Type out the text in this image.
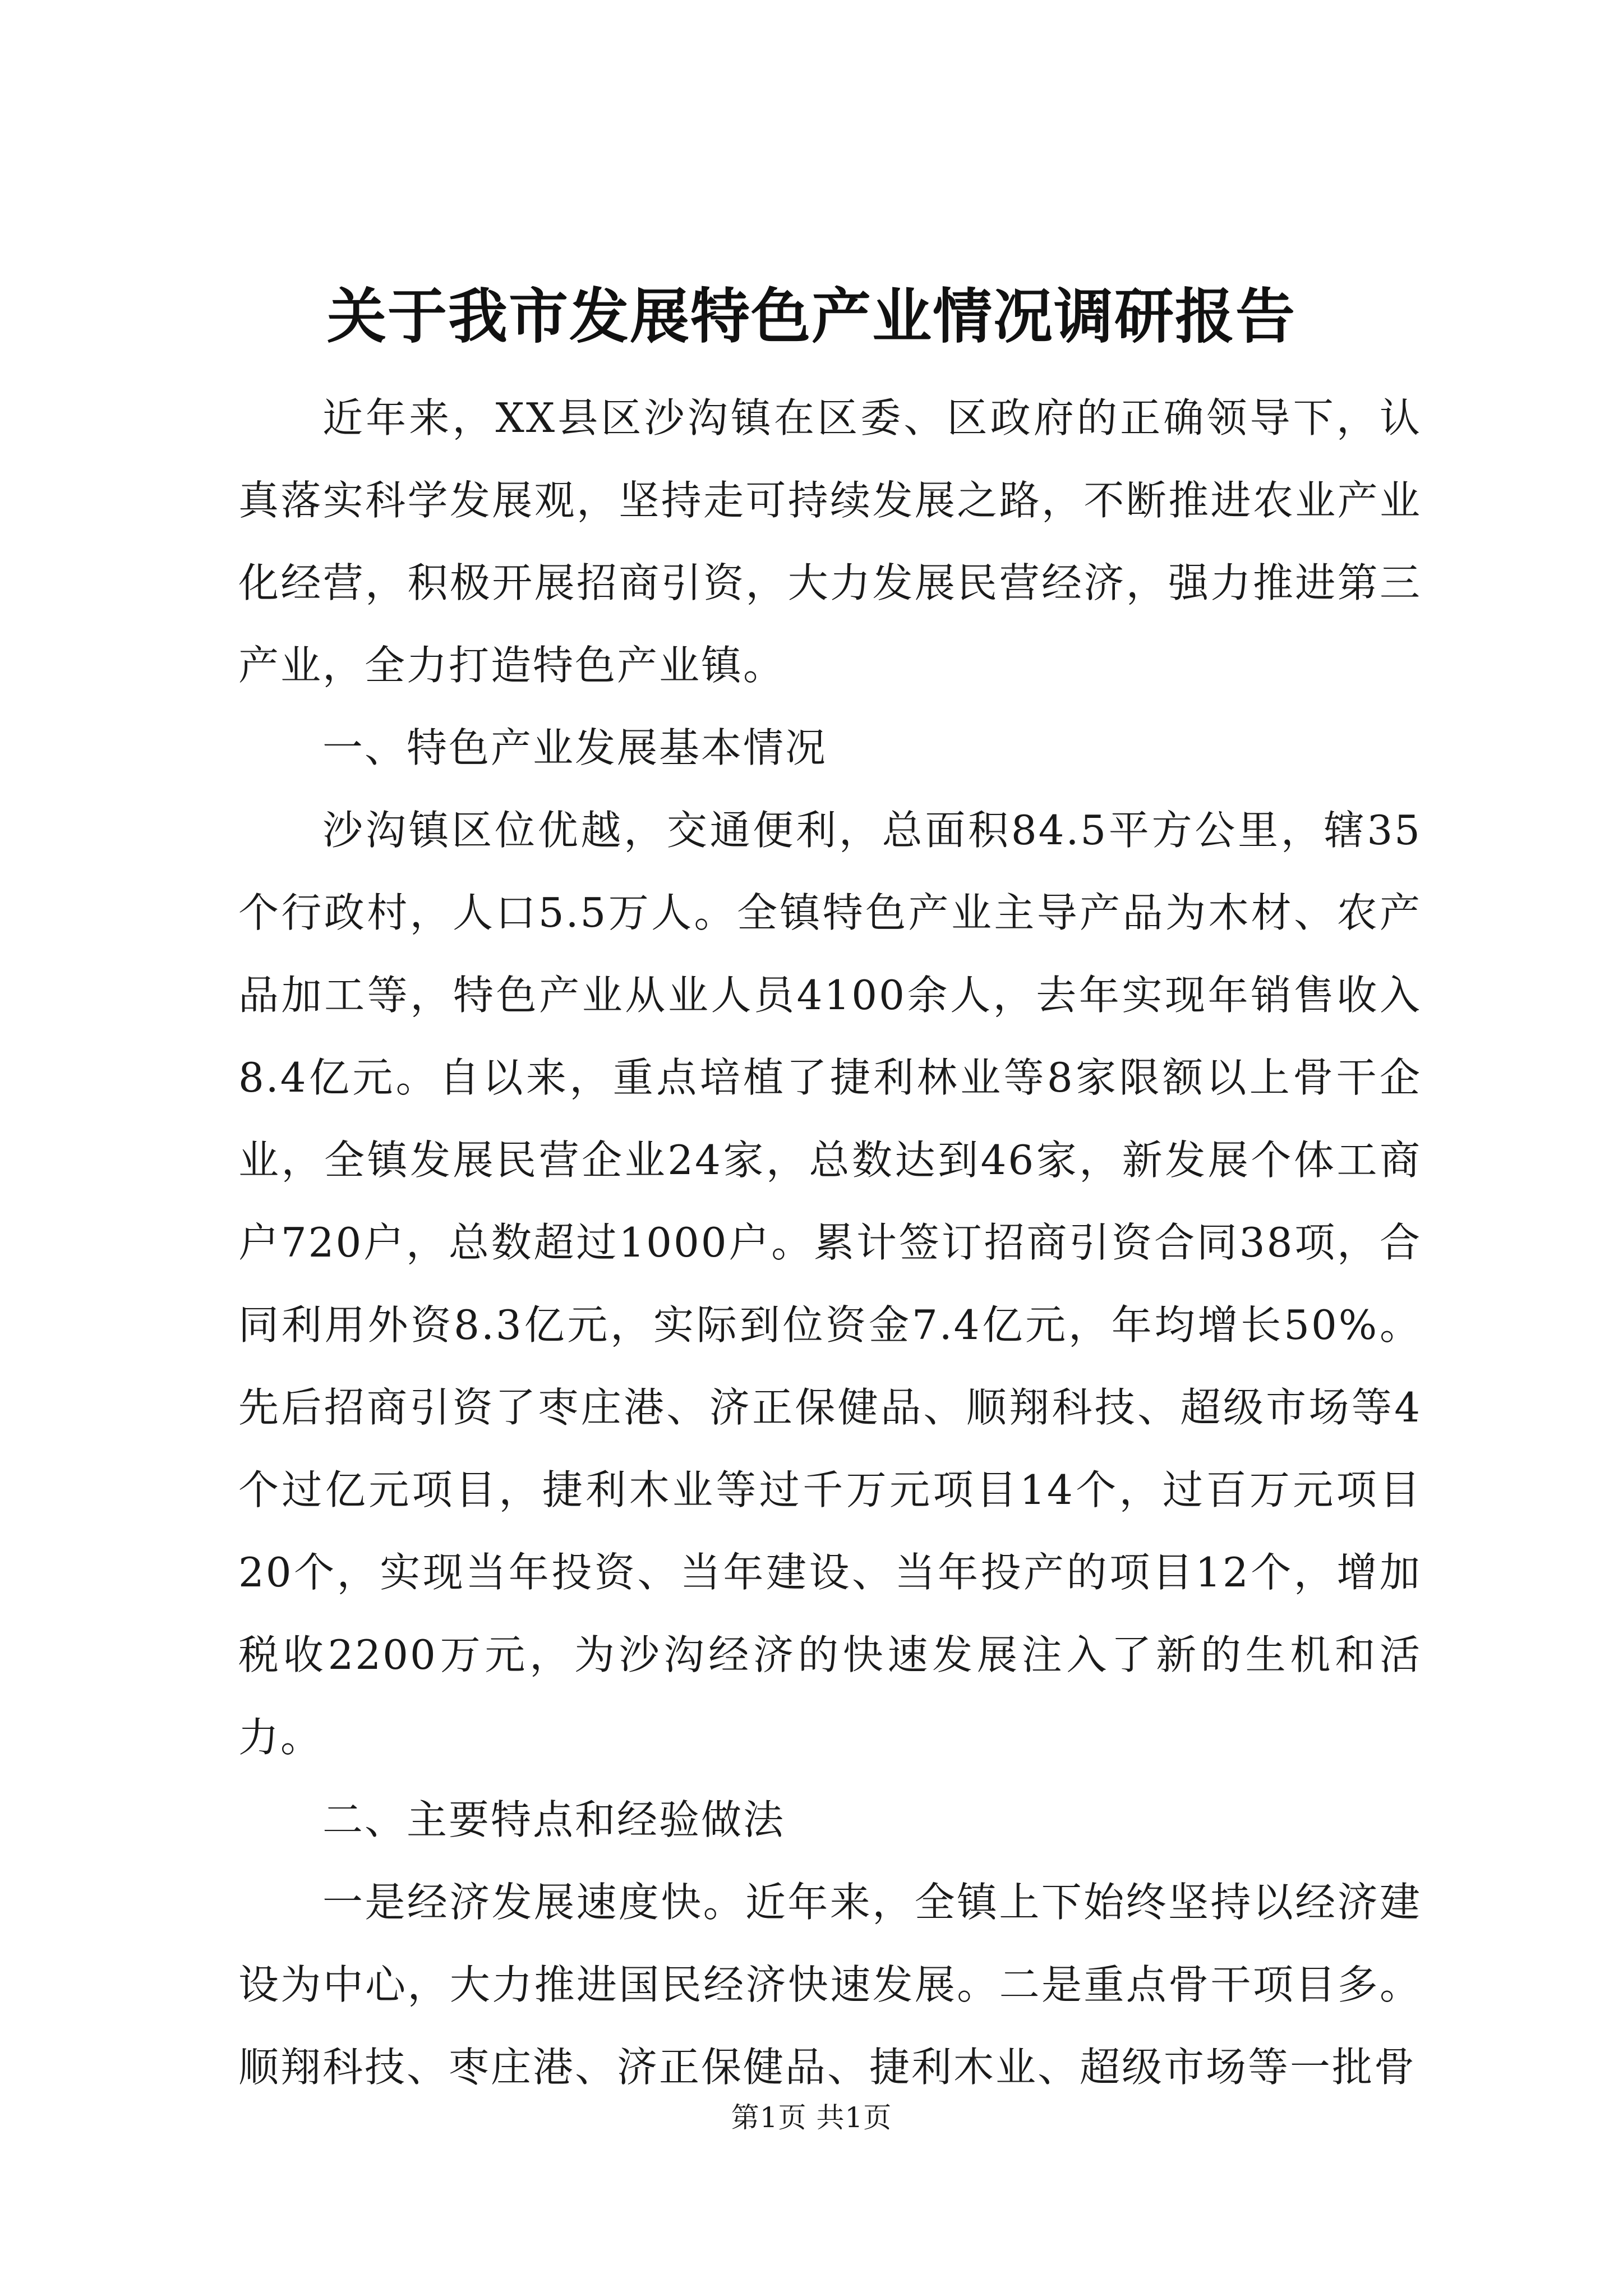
关于我市发展特色产业情况调研报告

近年来，XX县区沙沟镇在区委、区政府的正确领导下，认真落实科学发展观，坚持走可持续发展之路，不断推进农业产业化经营，积极开展招商引资，大力发展民营经济，强力推进第三产业，全力打造特色产业镇。

一、特色产业发展基本情况

沙沟镇区位优越，交通便利，总面积84.5平方公里，辖35个行政村，人口5.5万人。全镇特色产业主导产品为木材、农产品加工等，特色产业从业人员4100余人，去年实现年销售收入8.4亿元。自以来，重点培植了捷利林业等8家限额以上骨干企业，全镇发展民营企业24家，总数达到46家，新发展个体工商户720户，总数超过1000户。累计签订招商引资合同38项，合同利用外资8.3亿元，实际到位资金7.4亿元，年均增长50%。先后招商引资了枣庄港、济正保健品、顺翔科技、超级市场等4个过亿元项目，捷利木业等过千万元项目14个，过百万元项目20个，实现当年投资、当年建设、当年投产的项目12个，增加税收2200万元，为沙沟经济的快速发展注入了新的生机和活力。

二、主要特点和经验做法

一是经济发展速度快。近年来，全镇上下始终坚持以经济建设为中心，大力推进国民经济快速发展。二是重点骨干项目多。顺翔科技、枣庄港、济正保健品、捷利木业、超级市场等一批骨

第1页 共1页
